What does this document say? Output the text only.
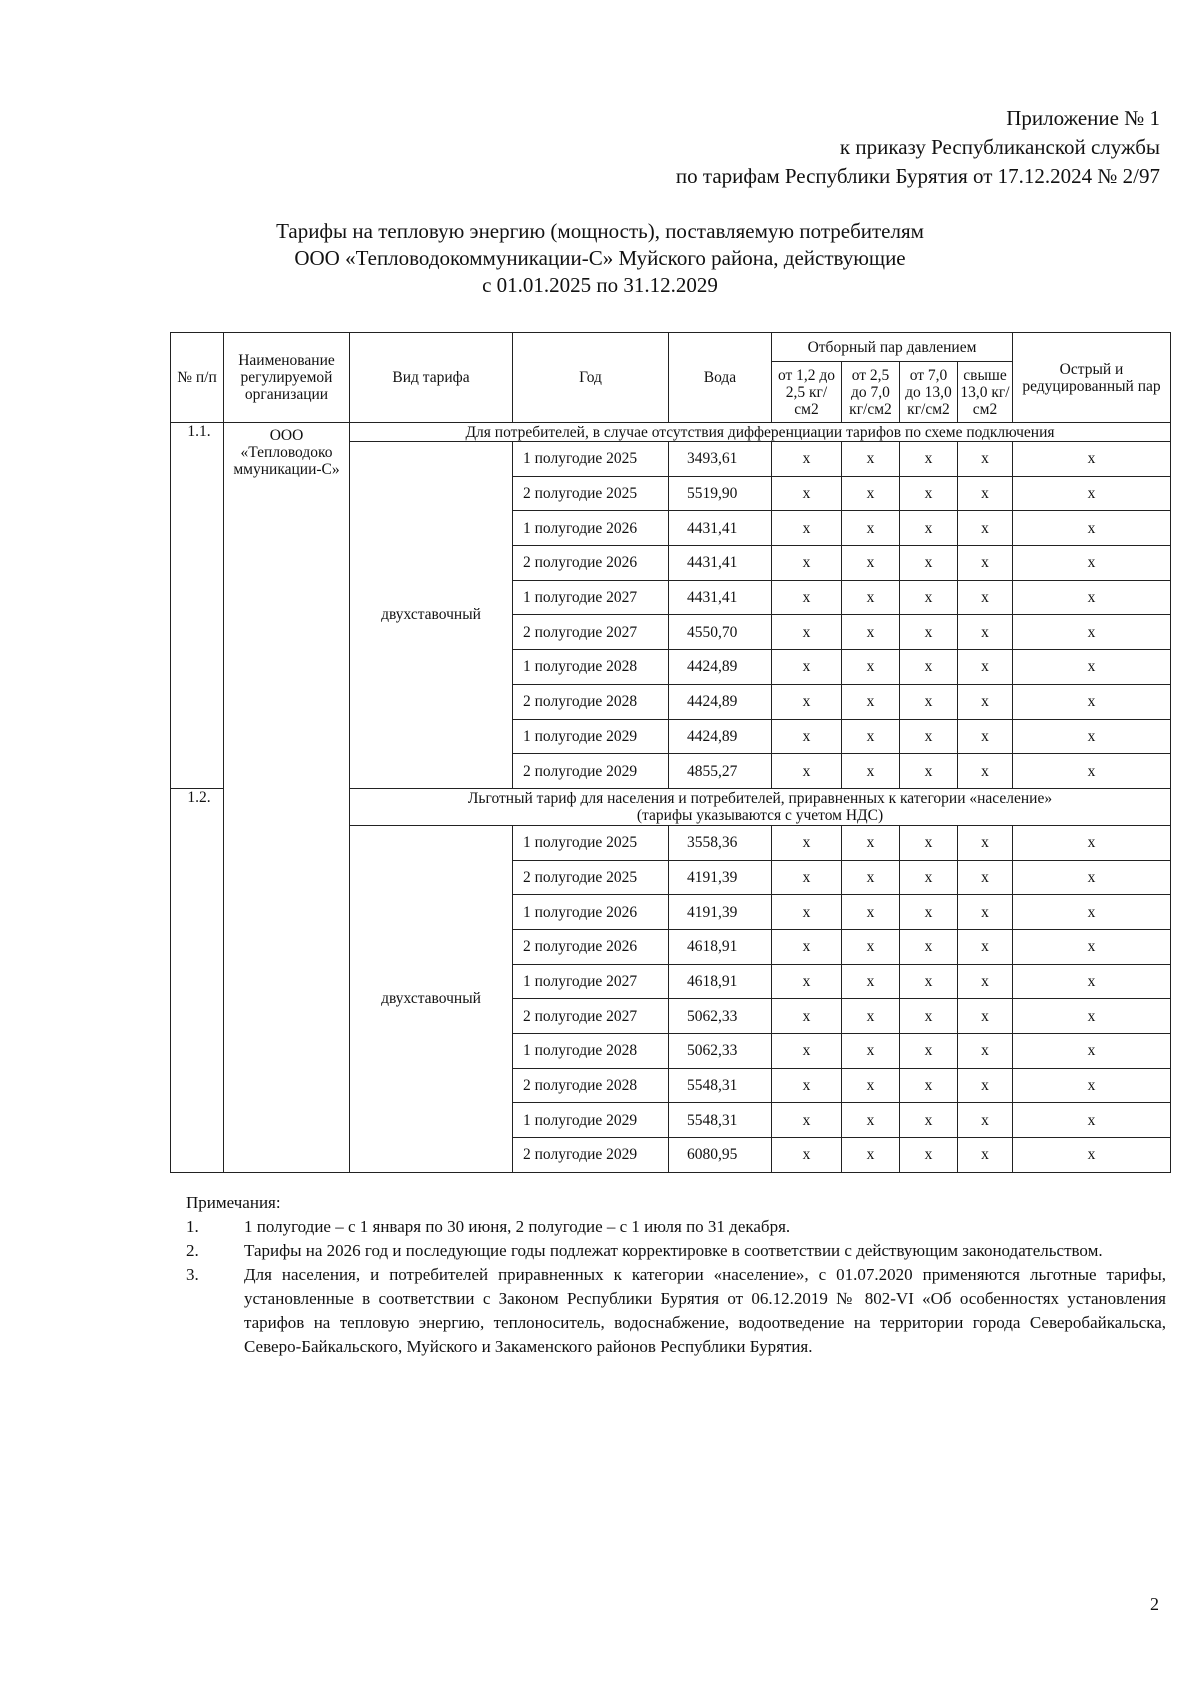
Приложение № 1
к приказу Республиканской службы
по тарифам Республики Бурятия от 17.12.2024 № 2/97
Тарифы на тепловую энергию (мощность), поставляемую потребителям
ООО «Тепловодокоммуникации-С» Муйского района, действующие
с 01.01.2025 по 31.12.2029
№ п/п	Наименование регулируемой организации	Вид тарифа	Год	Вода	Отборный пар давлением				Острый и редуцированный пар
					от 1,2 до 2,5 кг/см2	от 2,5 до 7,0 кг/см2	от 7,0 до 13,0 кг/см2	свыше 13,0 кг/см2	
1.1.	ООО «Тепловодоко ммуникации-С»	Для потребителей, в случае отсутствия дифференциации тарифов по схеме подключения							

		двухставочный	1 полугодие 2025	3493,61	x	x	x	x	x
			2 полугодие 2025	5519,90	x	x	x	x	x
			1 полугодие 2026	4431,41	x	x	x	x	x
			2 полугодие 2026	4431,41	x	x	x	x	x
			1 полугодие 2027	4431,41	x	x	x	x	x
			2 полугодие 2027	4550,70	x	x	x	x	x
			1 полугодие 2028	4424,89	x	x	x	x	x
			2 полугодие 2028	4424,89	x	x	x	x	x
			1 полугодие 2029	4424,89	x	x	x	x	x
			2 полугодие 2029	4855,27	x	x	x	x	x
1.2.		Льготный тариф для населения и потребителей, приравненных к категории «население»
(тарифы указываются с учетом НДС)							

		двухставочный	1 полугодие 2025	3558,36	x	x	x	x	x
			2 полугодие 2025	4191,39	x	x	x	x	x
			1 полугодие 2026	4191,39	x	x	x	x	x
			2 полугодие 2026	4618,91	x	x	x	x	x
			1 полугодие 2027	4618,91	x	x	x	x	x
			2 полугодие 2027	5062,33	x	x	x	x	x
			1 полугодие 2028	5062,33	x	x	x	x	x
			2 полугодие 2028	5548,31	x	x	x	x	x
			1 полугодие 2029	5548,31	x	x	x	x	x
			2 полугодие 2029	6080,95	x	x	x	x	x

Примечания:

1.	1 полугодие – с 1 января по 30 июня, 2 полугодие – с 1 июля по 31 декабря.
2.	Тарифы на 2026 год и последующие годы подлежат корректировке в соответствии с действующим законодательством.
3.	Для населения, и потребителей приравненных к категории «население», с 01.07.2020 применяются льготные тарифы, установленные в соответствии с Законом Республики Бурятия от 06.12.2019 № 802-VI «Об особенностях установления тарифов на тепловую энергию, теплоноситель, водоснабжение, водоотведение на территории города Северобайкальска, Северо-Байкальского, Муйского и Закаменского районов Республики Бурятия.
2
